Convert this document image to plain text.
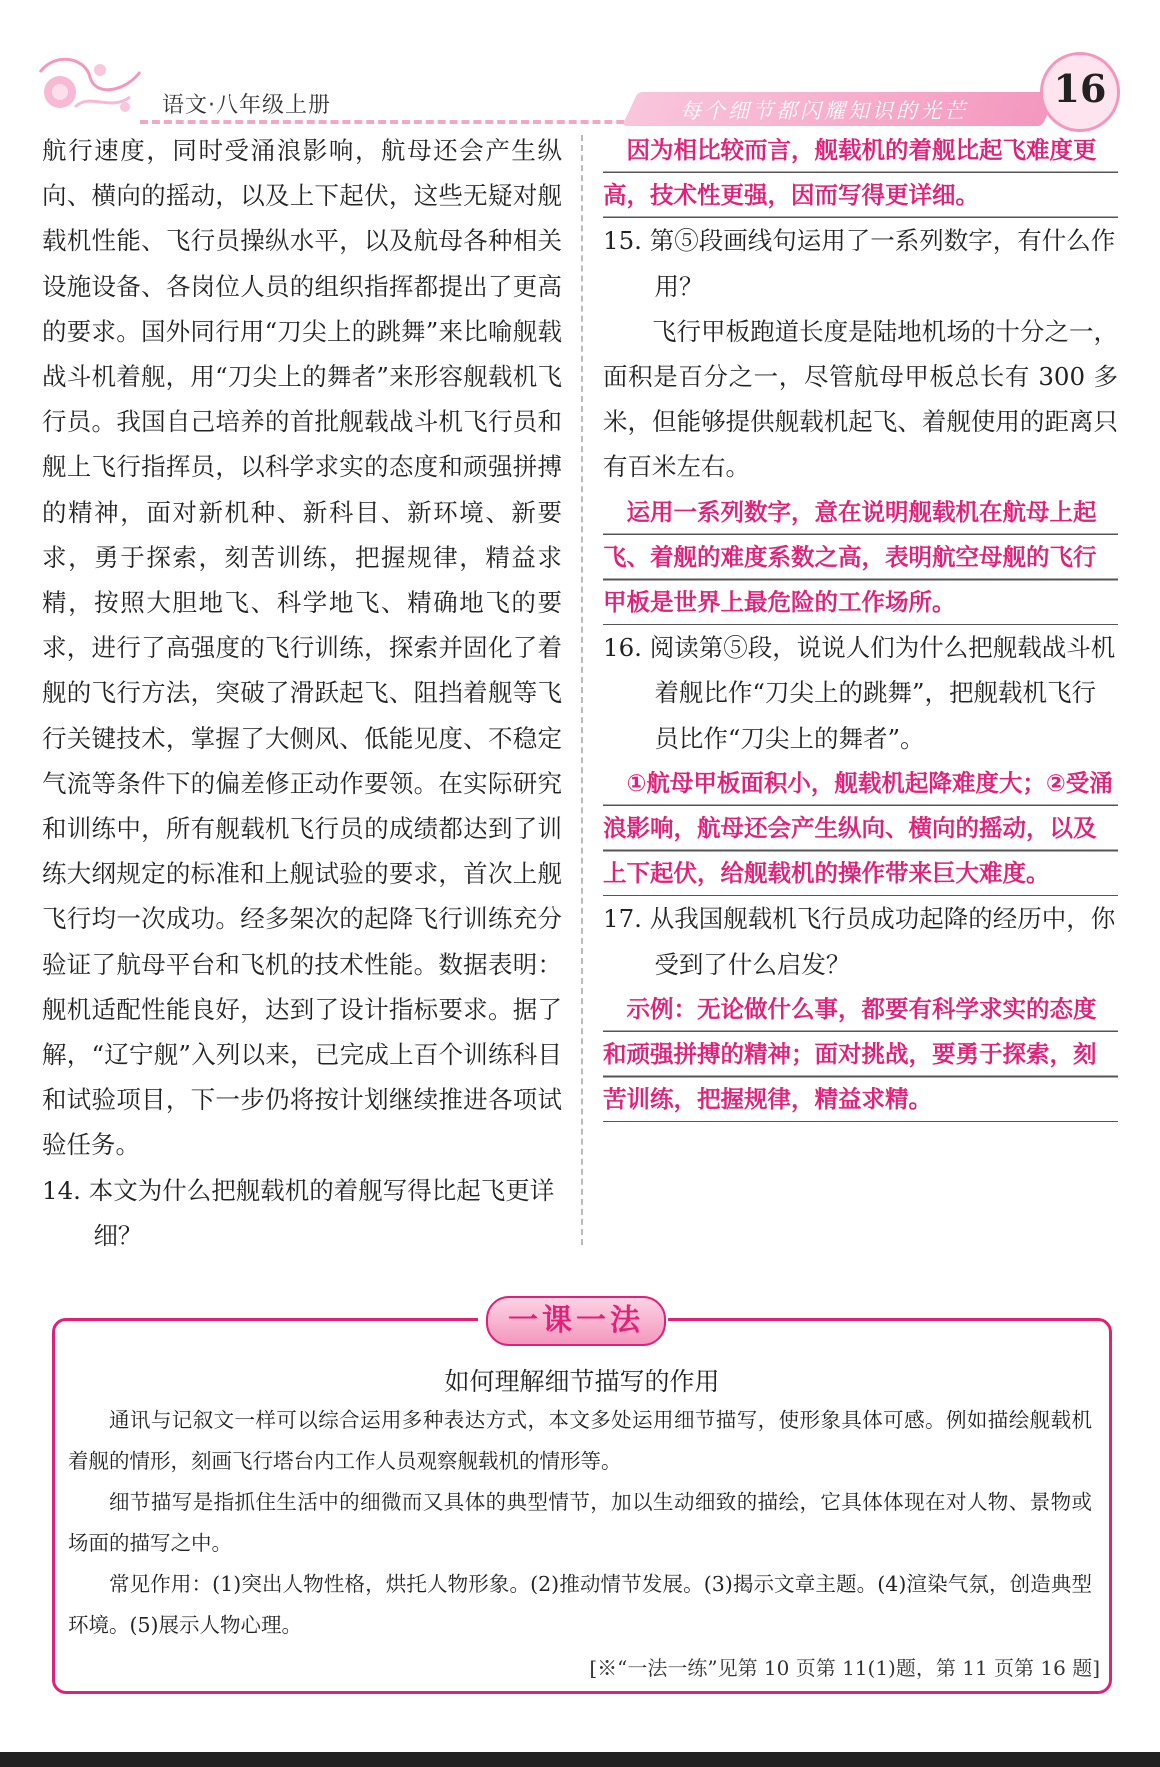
语文·八年级上册	每个细节都闪耀知识的光芒	16

航行速度，同时受涌浪影响，航母还会产生纵向、横向的摇动，以及上下起伏，这些无疑对舰载机性能、飞行员操纵水平，以及航母各种相关设施设备、各岗位人员的组织指挥都提出了更高的要求。国外同行用“刀尖上的跳舞”来比喻舰载战斗机着舰，用“刀尖上的舞者”来形容舰载机飞行员。我国自己培养的首批舰载战斗机飞行员和舰上飞行指挥员，以科学求实的态度和顽强拼搏的精神，面对新机种、新科目、新环境、新要求，勇于探索，刻苦训练，把握规律，精益求精，按照大胆地飞、科学地飞、精确地飞的要求，进行了高强度的飞行训练，探索并固化了着舰的飞行方法，突破了滑跃起飞、阻挡着舰等飞行关键技术，掌握了大侧风、低能见度、不稳定气流等条件下的偏差修正动作要领。在实际研究和训练中，所有舰载机飞行员的成绩都达到了训练大纲规定的标准和上舰试验的要求，首次上舰飞行均一次成功。经多架次的起降飞行训练充分验证了航母平台和飞机的技术性能。数据表明：舰机适配性能良好，达到了设计指标要求。据了解，“辽宁舰”入列以来，已完成上百个训练科目和试验项目，下一步仍将按计划继续推进各项试验任务。

14. 本文为什么把舰载机的着舰写得比起飞更详细？

因为相比较而言，舰载机的着舰比起飞难度更高，技术性更强，因而写得更详细。

15. 第⑤段画线句运用了一系列数字，有什么作用？

飞行甲板跑道长度是陆地机场的十分之一，面积是百分之一，尽管航母甲板总长有 300 多米，但能够提供舰载机起飞、着舰使用的距离只有百米左右。

运用一系列数字，意在说明舰载机在航母上起飞、着舰的难度系数之高，表明航空母舰的飞行甲板是世界上最危险的工作场所。

16. 阅读第⑤段，说说人们为什么把舰载战斗机着舰比作“刀尖上的跳舞”，把舰载机飞行员比作“刀尖上的舞者”。

①航母甲板面积小，舰载机起降难度大；②受涌浪影响，航母还会产生纵向、横向的摇动，以及上下起伏，给舰载机的操作带来巨大难度。

17. 从我国舰载机飞行员成功起降的经历中，你受到了什么启发？

示例：无论做什么事，都要有科学求实的态度和顽强拼搏的精神；面对挑战，要勇于探索，刻苦训练，把握规律，精益求精。

一课一法
如何理解细节描写的作用

通讯与记叙文一样可以综合运用多种表达方式，本文多处运用细节描写，使形象具体可感。例如描绘舰载机着舰的情形，刻画飞行塔台内工作人员观察舰载机的情形等。

细节描写是指抓住生活中的细微而又具体的典型情节，加以生动细致的描绘，它具体体现在对人物、景物或场面的描写之中。

常见作用：(1)突出人物性格，烘托人物形象。(2)推动情节发展。(3)揭示文章主题。(4)渲染气氛，创造典型环境。(5)展示人物心理。

[※“一法一练”见第 10 页第 11(1)题，第 11 页第 16 题]
